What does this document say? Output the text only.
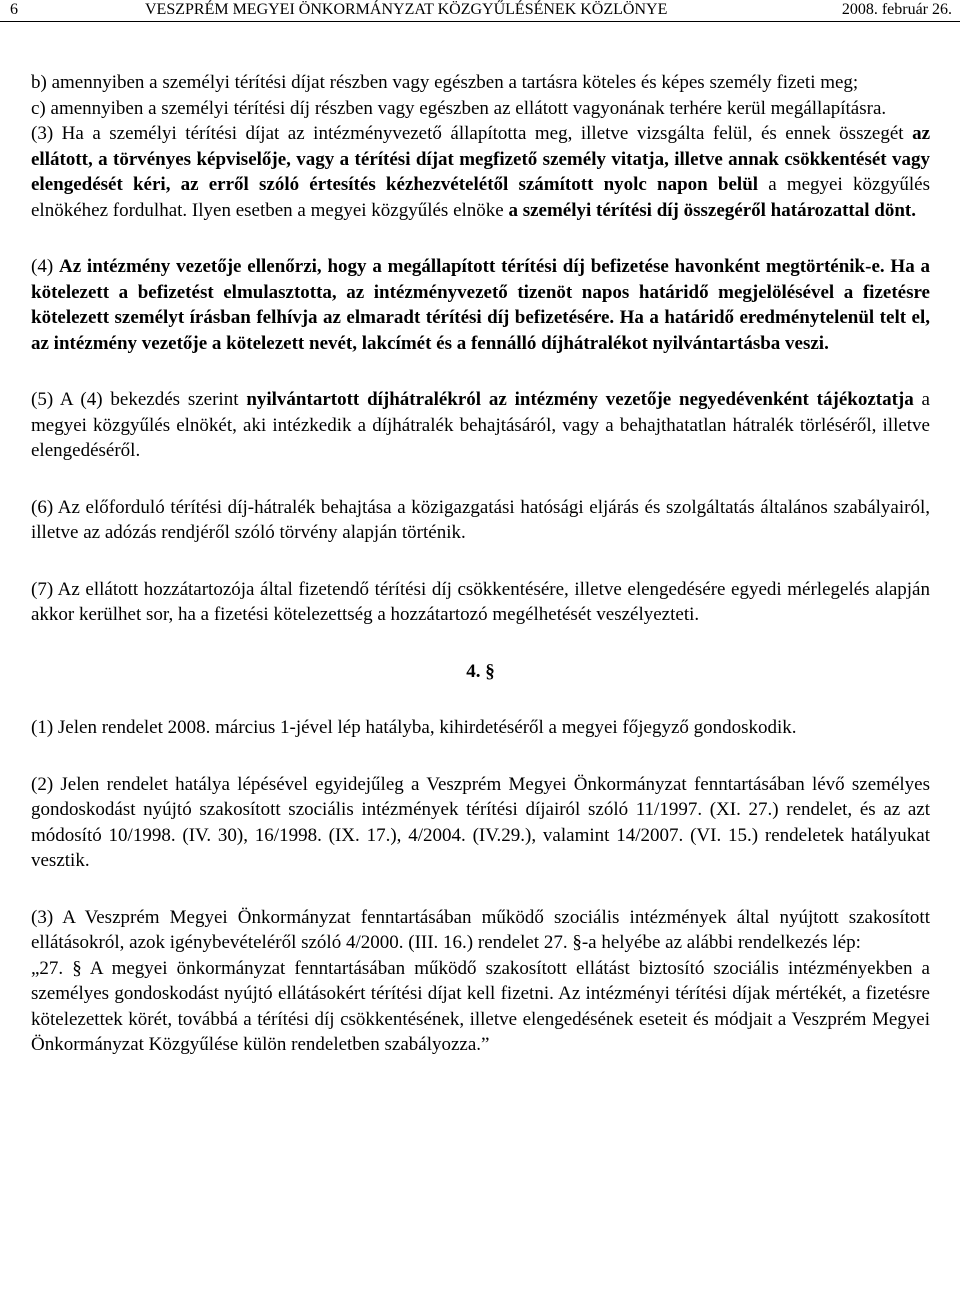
6	VESZPRÉM MEGYEI ÖNKORMÁNYZAT KÖZGYŰLÉSÉNEK KÖZLÖNYE	2008. február 26.

b) amennyiben a személyi térítési díjat részben vagy egészben a tartásra köteles és képes személy fizeti meg;

c) amennyiben a személyi térítési díj részben vagy egészben az ellátott vagyonának terhére kerül megállapításra.

(3) Ha a személyi térítési díjat az intézményvezető állapította meg, illetve vizsgálta felül, és ennek összegét az ellátott, a törvényes képviselője, vagy a térítési díjat megfizető személy vitatja, illetve annak csökkentését vagy elengedését kéri, az erről szóló értesítés kézhezvételétől számított nyolc napon belül a megyei közgyűlés elnökéhez fordulhat. Ilyen esetben a megyei közgyűlés elnöke a személyi térítési díj összegéről határozattal dönt.

(4) Az intézmény vezetője ellenőrzi, hogy a megállapított térítési díj befizetése havonként megtörténik-e. Ha a kötelezett a befizetést elmulasztotta, az intézményvezető tizenöt napos határidő megjelölésével a fizetésre kötelezett személyt írásban felhívja az elmaradt térítési díj befizetésére. Ha a határidő eredménytelenül telt el, az intézmény vezetője a kötelezett nevét, lakcímét és a fennálló díjhátralékot nyilvántartásba veszi.

(5) A (4) bekezdés szerint nyilvántartott díjhátralékról az intézmény vezetője negyedévenként tájékoztatja a megyei közgyűlés elnökét, aki intézkedik a díjhátralék behajtásáról, vagy a behajthatatlan hátralék törléséről, illetve elengedéséről.

(6) Az előforduló térítési díj-hátralék behajtása a közigazgatási hatósági eljárás és szolgáltatás általános szabályairól, illetve az adózás rendjéről szóló törvény alapján történik.

(7) Az ellátott hozzátartozója által fizetendő térítési díj csökkentésére, illetve elengedésére egyedi mérlegelés alapján akkor kerülhet sor, ha a fizetési kötelezettség a hozzátartozó megélhetését veszélyezteti.

4. §

(1) Jelen rendelet 2008. március 1-jével lép hatályba, kihirdetéséről a megyei főjegyző gondoskodik.

(2) Jelen rendelet hatálya lépésével egyidejűleg a Veszprém Megyei Önkormányzat fenntartásában lévő személyes gondoskodást nyújtó szakosított szociális intézmények térítési díjairól szóló 11/1997. (XI. 27.) rendelet, és az azt módosító 10/1998. (IV. 30), 16/1998. (IX. 17.), 4/2004. (IV.29.), valamint 14/2007. (VI. 15.) rendeletek hatályukat vesztik.

(3) A Veszprém Megyei Önkormányzat fenntartásában működő szociális intézmények által nyújtott szakosított ellátásokról, azok igénybevételéről szóló 4/2000. (III. 16.) rendelet 27. §-a helyébe az alábbi rendelkezés lép:

„27. § A megyei önkormányzat fenntartásában működő szakosított ellátást biztosító szociális intézményekben a személyes gondoskodást nyújtó ellátásokért térítési díjat kell fizetni. Az intézményi térítési díjak mértékét, a fizetésre kötelezettek körét, továbbá a térítési díj csökkentésének, illetve elengedésének eseteit és módjait a Veszprém Megyei Önkormányzat Közgyűlése külön rendeletben szabályozza.”
